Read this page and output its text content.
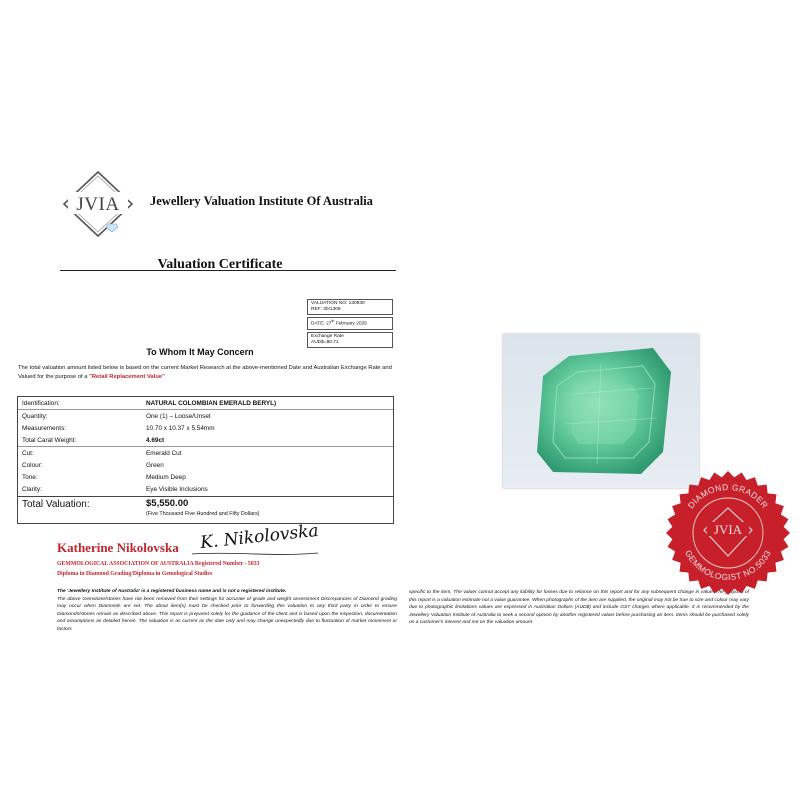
JVIA Jewellery Valuation Institute Of Australia
Valuation Certificate
VALUATION NO: 130930
REF: 30/1309
DATE: 27th February 2025
Exchange Rate
AUD$=$0.71
To Whom It May Concern
The total valuation amount listed below is based on the current Market Research at the above-mentioned Date and Australian Exchange Rate and Valued for the purpose of a "Retail Replacement Value"
Identification:	NATURAL COLOMBIAN EMERALD BERYL)
Quantity:	One (1) – Loose/Unset
Measurements:	10.70 x 10.37 x 5.54mm
Total Carat Weight:	4.69ct
Cut:	Emerald Cut
Colour:	Green
Tone:	Medium Deep
Clarity:	Eye Visible Inclusions
Total Valuation:	$5,550.00
(Five Thousand Five Hundred and Fifty Dollars)
Katherine Nikolovska K. Nikolovska
GEMMOLOGICAL ASSOCIATION OF AUSTRALIA Registered Number - 5033
Diploma in Diamond Grading/Diploma in Gemological Studies
The 'Jewellery Institute of Australia' is a registered business name and is not a registered institute.
The above Gemstone/stones have not been removed from their settings for accurate of grade and weight assessment Discrepancies of Diamond grading may occur when Diamonds are set. The about item(s) must be checked prior to forwarding this valuation to any third party in order to ensure Diamonds/stones remain as described above. This report is prepared solely for the guidance of the client and is based upon the inspection, documentation and assumptions as detailed herein. The valuation is as current as the date only and may change unexpectedly due to fluctuation of market movement or factors
specific to the item. The valuer cannot accept any liability for losses due to reliance on this report and for any subsequent change in value. The purpose of this report is a valuation estimate not a value guarantee. When photographs of the item are supplied, the original may not be true to size and colour may vary due to photographic limitations values are expressed in Australian Dollars (AUD$) and include GST charges where applicable. It is recommended by the Jewellery Valuation Institute of Australia to seek a second opinion by another registered valuer before purchasing an item. Items should be purchased solely on a customer's interest and not on the valuation amount.
DIAMOND GRADER
GEMMOLOGIST NO.5033
JVIA
